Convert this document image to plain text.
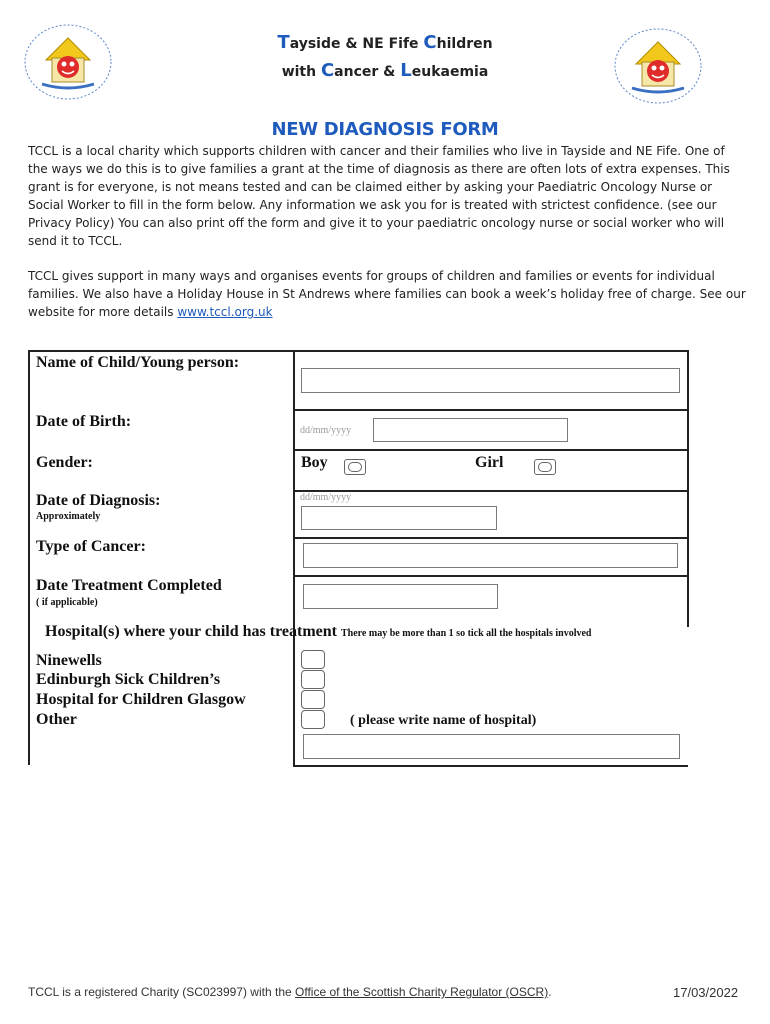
Tayside & NE Fife Children
with Cancer & Leukaemia
NEW DIAGNOSIS FORM
TCCL is a local charity which supports children with cancer and their families who live in Tayside and NE Fife. One of the ways we do this is to give families a grant at the time of diagnosis as there are often lots of extra expenses. This grant is for everyone, is not means tested and can be claimed either by asking your Paediatric Oncology Nurse or Social Worker to fill in the form below. Any information we ask you for is treated with strictest confidence. (see our Privacy Policy) You can also print off the form and give it to your paediatric oncology nurse or social worker who will send it to TCCL.
TCCL gives support in many ways and organises events for groups of children and families or events for individual families. We also have a Holiday House in St Andrews where families can book a week’s holiday free of charge. See our website for more details www.tccl.org.uk
Name of Child/Young person:
Date of Birth:
dd/mm/yyyy
Gender:	Boy	Girl
Date of Diagnosis:
Approximately
dd/mm/yyyy
Type of Cancer:
Date Treatment Completed
( if applicable)
Hospital(s) where your child has treatment There may be more than 1 so tick all the hospitals involved
Ninewells
Edinburgh Sick Children’s
Hospital for Children Glasgow
Other	( please write name of hospital)
TCCL is a registered Charity (SC023997) with the Office of the Scottish Charity Regulator (OSCR).	17/03/2022
